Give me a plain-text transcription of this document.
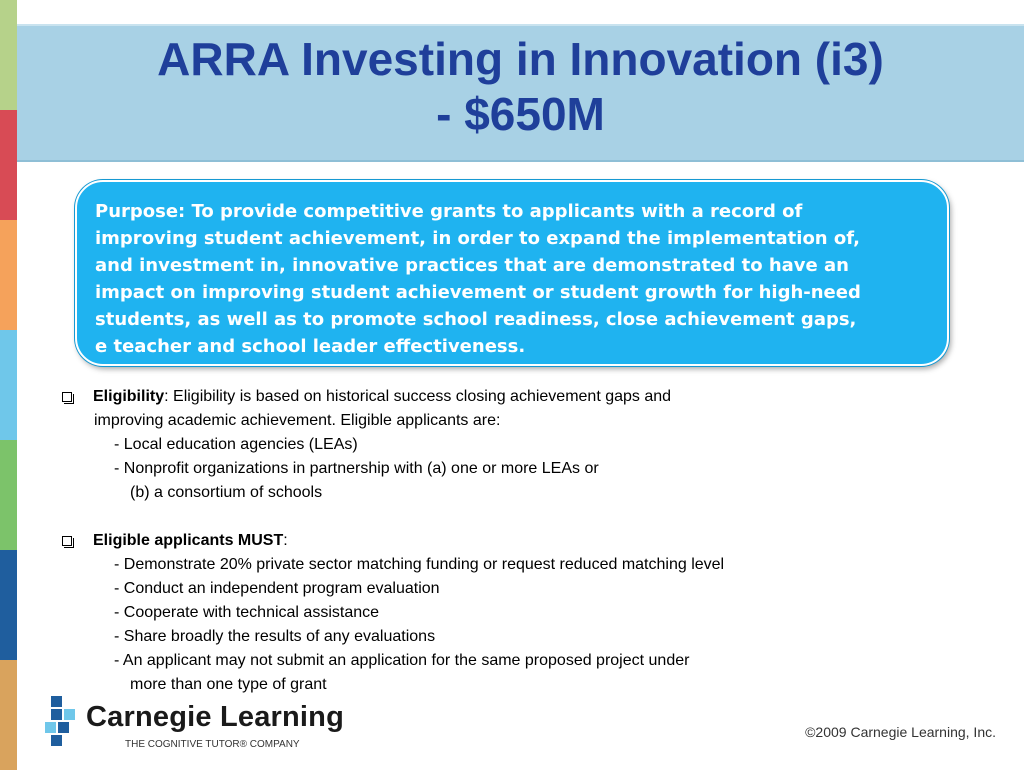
ARRA Investing in Innovation (i3)
- $650M
Purpose: To provide competitive grants to applicants with a record of
improving student achievement, in order to expand the implementation of,
and investment in, innovative practices that are demonstrated to have an
impact on improving student achievement or student growth for high-need
students, as well as to promote school readiness, close achievement gaps,
e teacher and school leader effectiveness.
Eligibility: Eligibility is based on historical success closing achievement gaps and
improving academic achievement. Eligible applicants are:
- Local education agencies (LEAs)
- Nonprofit organizations in partnership with (a) one or more LEAs or
(b) a consortium of schools
Eligible applicants MUST:
- Demonstrate 20% private sector matching funding or request reduced matching level
- Conduct an independent program evaluation
- Cooperate with technical assistance
- Share broadly the results of any evaluations
- An applicant may not submit an application for the same proposed project under
more than one type of grant
Carnegie Learning
THE COGNITIVE TUTOR® COMPANY
©2009 Carnegie Learning, Inc.
